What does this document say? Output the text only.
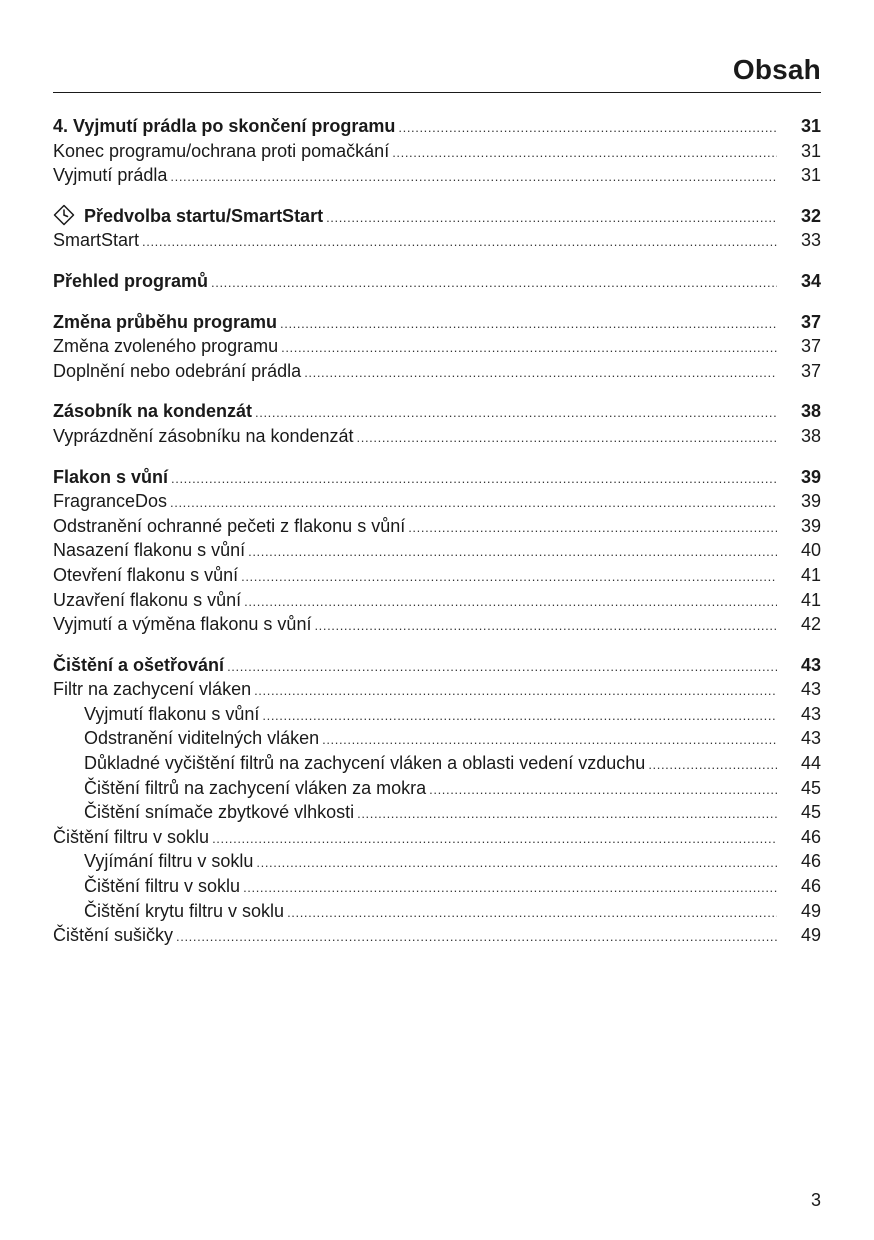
Obsah
4. Vyjmutí prádla po skončení programu .....	31
Konec programu/ochrana proti pomačkání .....	31
Vyjmutí prádla .....	31
Předvolba startu/SmartStart .....	32
SmartStart .....	33
Přehled programů .....	34
Změna průběhu programu .....	37
Změna zvoleného programu .....	37
Doplnění nebo odebrání prádla .....	37
Zásobník na kondenzát .....	38
Vyprázdnění zásobníku na kondenzát .....	38
Flakon s vůní .....	39
FragranceDos .....	39
Odstranění ochranné pečeti z flakonu s vůní .....	39
Nasazení flakonu s vůní .....	40
Otevření flakonu s vůní .....	41
Uzavření flakonu s vůní .....	41
Vyjmutí a výměna flakonu s vůní .....	42
Čištění a ošetřování .....	43
Filtr na zachycení vláken .....	43
Vyjmutí flakonu s vůní .....	43
Odstranění viditelných vláken .....	43
Důkladné vyčištění filtrů na zachycení vláken a oblasti vedení vzduchu .....	44
Čištění filtrů na zachycení vláken za mokra .....	45
Čištění snímače zbytkové vlhkosti .....	45
Čištění filtru v soklu .....	46
Vyjímání filtru v soklu .....	46
Čištění filtru v soklu .....	46
Čištění krytu filtru v soklu .....	49
Čištění sušičky .....	49
3
